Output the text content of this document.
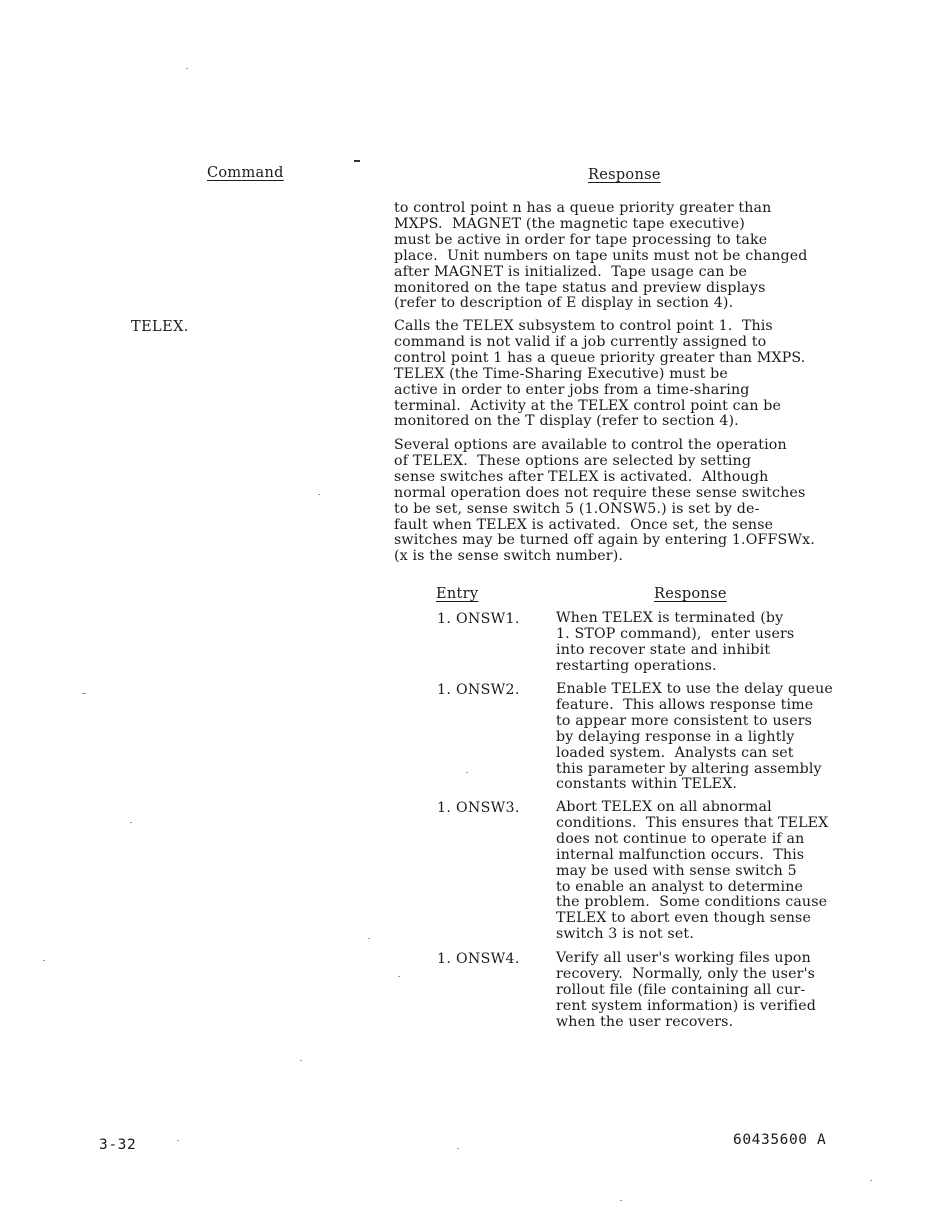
Command	Response

to control point n has a queue priority greater than
MXPS.  MAGNET (the magnetic tape executive)
must be active in order for tape processing to take
place.  Unit numbers on tape units must not be changed
after MAGNET is initialized.  Tape usage can be
monitored on the tape status and preview displays
(refer to description of E display in section 4).

TELEX.	Calls the TELEX subsystem to control point 1.  This
command is not valid if a job currently assigned to
control point 1 has a queue priority greater than MXPS.
TELEX (the Time-Sharing Executive) must be
active in order to enter jobs from a time-sharing
terminal.  Activity at the TELEX control point can be
monitored on the T display (refer to section 4).

Several options are available to control the operation
of TELEX.  These options are selected by setting
sense switches after TELEX is activated.  Although
normal operation does not require these sense switches
to be set, sense switch 5 (1.ONSW5.) is set by de-
fault when TELEX is activated.  Once set, the sense
switches may be turned off again by entering 1.OFFSWx.
(x is the sense switch number).

Entry	Response
1. ONSW1.	When TELEX is terminated (by
1. STOP command),  enter users
into recover state and inhibit
restarting operations.

1. ONSW2.	Enable TELEX to use the delay queue
feature.  This allows response time
to appear more consistent to users
by delaying response in a lightly
loaded system.  Analysts can set
this parameter by altering assembly
constants within TELEX.

1. ONSW3.	Abort TELEX on all abnormal
conditions.  This ensures that TELEX
does not continue to operate if an
internal malfunction occurs.  This
may be used with sense switch 5
to enable an analyst to determine
the problem.  Some conditions cause
TELEX to abort even though sense
switch 3 is not set.

1. ONSW4.	Verify all user's working files upon
recovery.  Normally, only the user's
rollout file (file containing all cur-
rent system information) is verified
when the user recovers.

3-32	60435600 A
